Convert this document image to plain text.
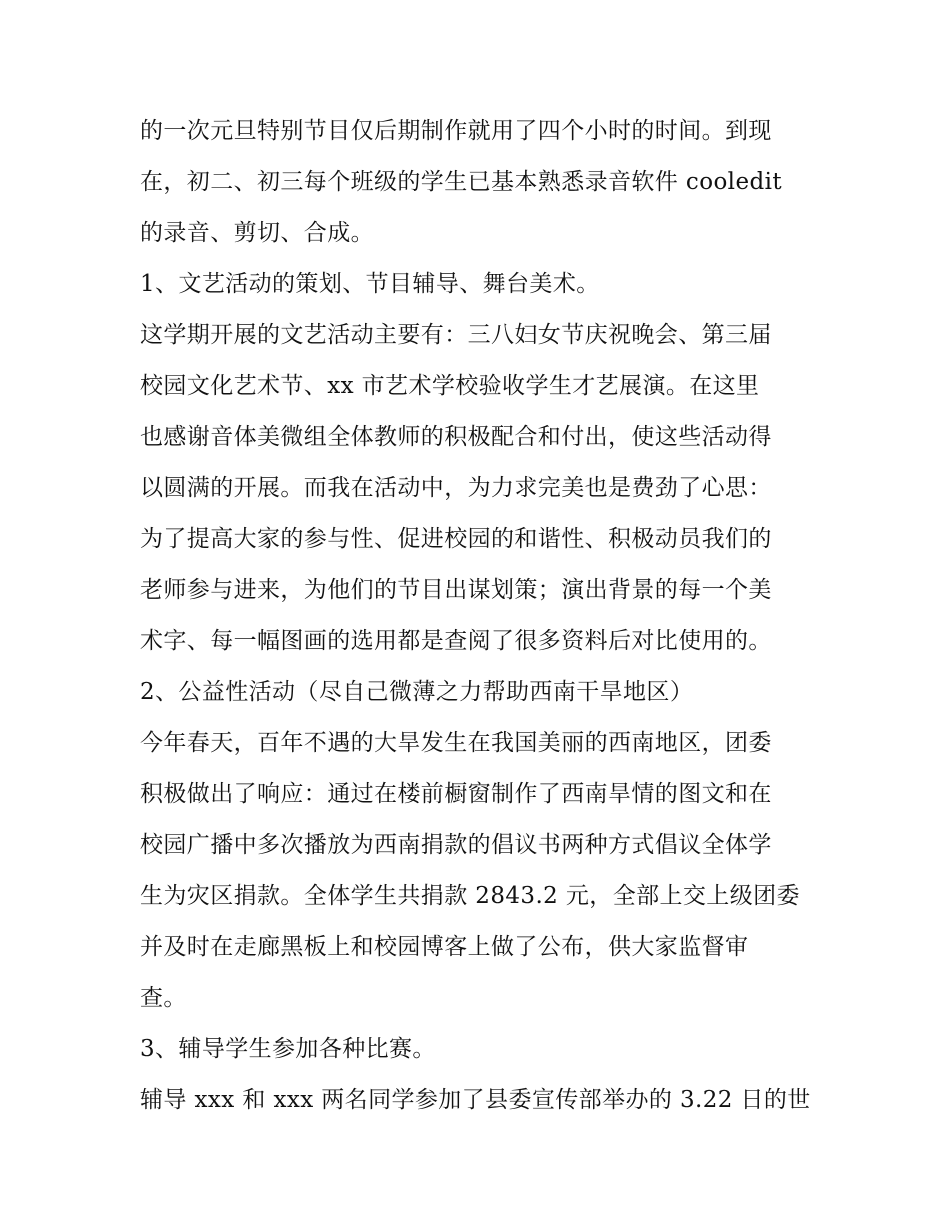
的一次元旦特别节目仅后期制作就用了四个小时的时间。到现
在，初二、初三每个班级的学生已基本熟悉录音软件 cooledit
的录音、剪切、合成。
1、文艺活动的策划、节目辅导、舞台美术。
这学期开展的文艺活动主要有：三八妇女节庆祝晚会、第三届
校园文化艺术节、xx 市艺术学校验收学生才艺展演。在这里
也感谢音体美微组全体教师的积极配合和付出，使这些活动得
以圆满的开展。而我在活动中，为力求完美也是费劲了心思：
为了提高大家的参与性、促进校园的和谐性、积极动员我们的
老师参与进来，为他们的节目出谋划策；演出背景的每一个美
术字、每一幅图画的选用都是查阅了很多资料后对比使用的。
2、公益性活动（尽自己微薄之力帮助西南干旱地区）
今年春天，百年不遇的大旱发生在我国美丽的西南地区，团委
积极做出了响应：通过在楼前橱窗制作了西南旱情的图文和在
校园广播中多次播放为西南捐款的倡议书两种方式倡议全体学
生为灾区捐款。全体学生共捐款 2843.2 元，全部上交上级团委
并及时在走廊黑板上和校园博客上做了公布，供大家监督审
查。
3、辅导学生参加各种比赛。
辅导 xxx 和 xxx 两名同学参加了县委宣传部举办的 3.22 日的世
